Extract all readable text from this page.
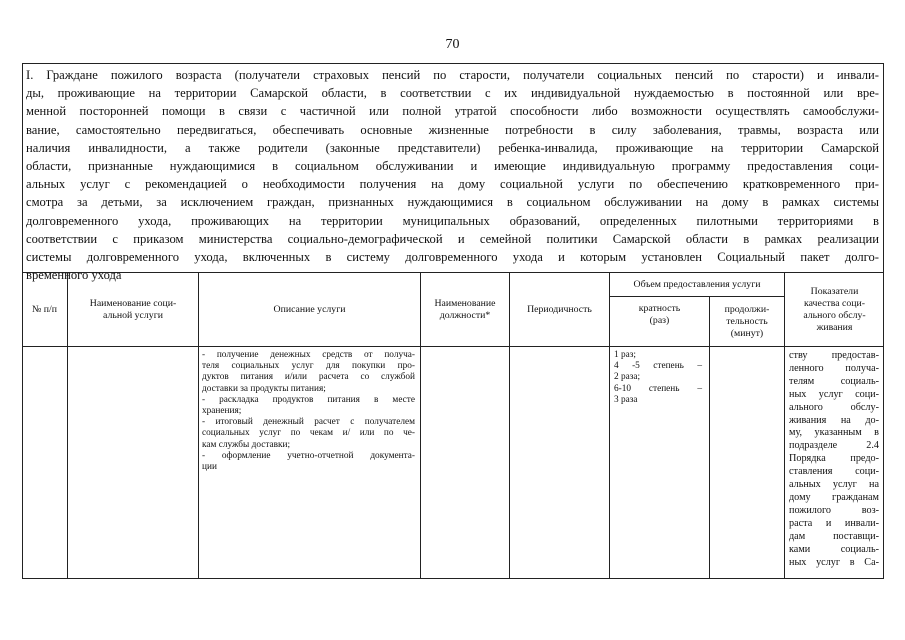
70
I. Граждане пожилого возраста (получатели страховых пенсий по старости, получатели социальных пенсий по старости) и инвали-
ды, проживающие на территории Самарской области, в соответствии с их индивидуальной нуждаемостью в постоянной или вре-
менной посторонней помощи в связи с частичной или полной утратой способности либо возможности осуществлять самообслужи-
вание, самостоятельно передвигаться, обеспечивать основные жизненные потребности в силу заболевания, травмы, возраста или
наличия инвалидности, а также родители (законные представители) ребенка-инвалида, проживающие на территории Самарской
области, признанные нуждающимися в социальном обслуживании и имеющие индивидуальную программу предоставления соци-
альных услуг с рекомендацией о необходимости получения на дому социальной услуги по обеспечению кратковременного при-
смотра за детьми, за исключением граждан, признанных нуждающимися в социальном обслуживании на дому в рамках системы
долговременного ухода, проживающих на территории муниципальных образований, определенных пилотными территориями в
соответствии с приказом министерства социально-демографической и семейной политики Самарской области в рамках реализации
системы долговременного ухода, включенных в систему долговременного ухода и которым установлен Социальный пакет долго-
временного ухода
№ п/п
Наименование соци-
альной услуги
Описание услуги
Наименование
должности*
Периодичность
Объем предоставления услуги
кратность
(раз)
продолжи-
тельность
(минут)
Показатели
качества соци-
ального обслу-
живания
- получение денежных средств от получа-
теля социальных услуг для покупки про-
дуктов питания и/или расчета со службой
доставки за продукты питания;
- раскладка продуктов питания в месте
хранения;
- итоговый денежный расчет с получателем
социальных услуг по чекам и/ или по че-
кам службы доставки;
- оформление учетно-отчетной документа-
ции
1 раз;
4 -5 степень –
2 раза;
6-10 степень –
3 раза
ству предостав-
ленного получа-
телям социаль-
ных услуг соци-
ального обслу-
живания на до-
му, указанным в
подразделе 2.4
Порядка предо-
ставления соци-
альных услуг на
дому гражданам
пожилого воз-
раста и инвали-
дам поставщи-
ками социаль-
ных услуг в Са-
